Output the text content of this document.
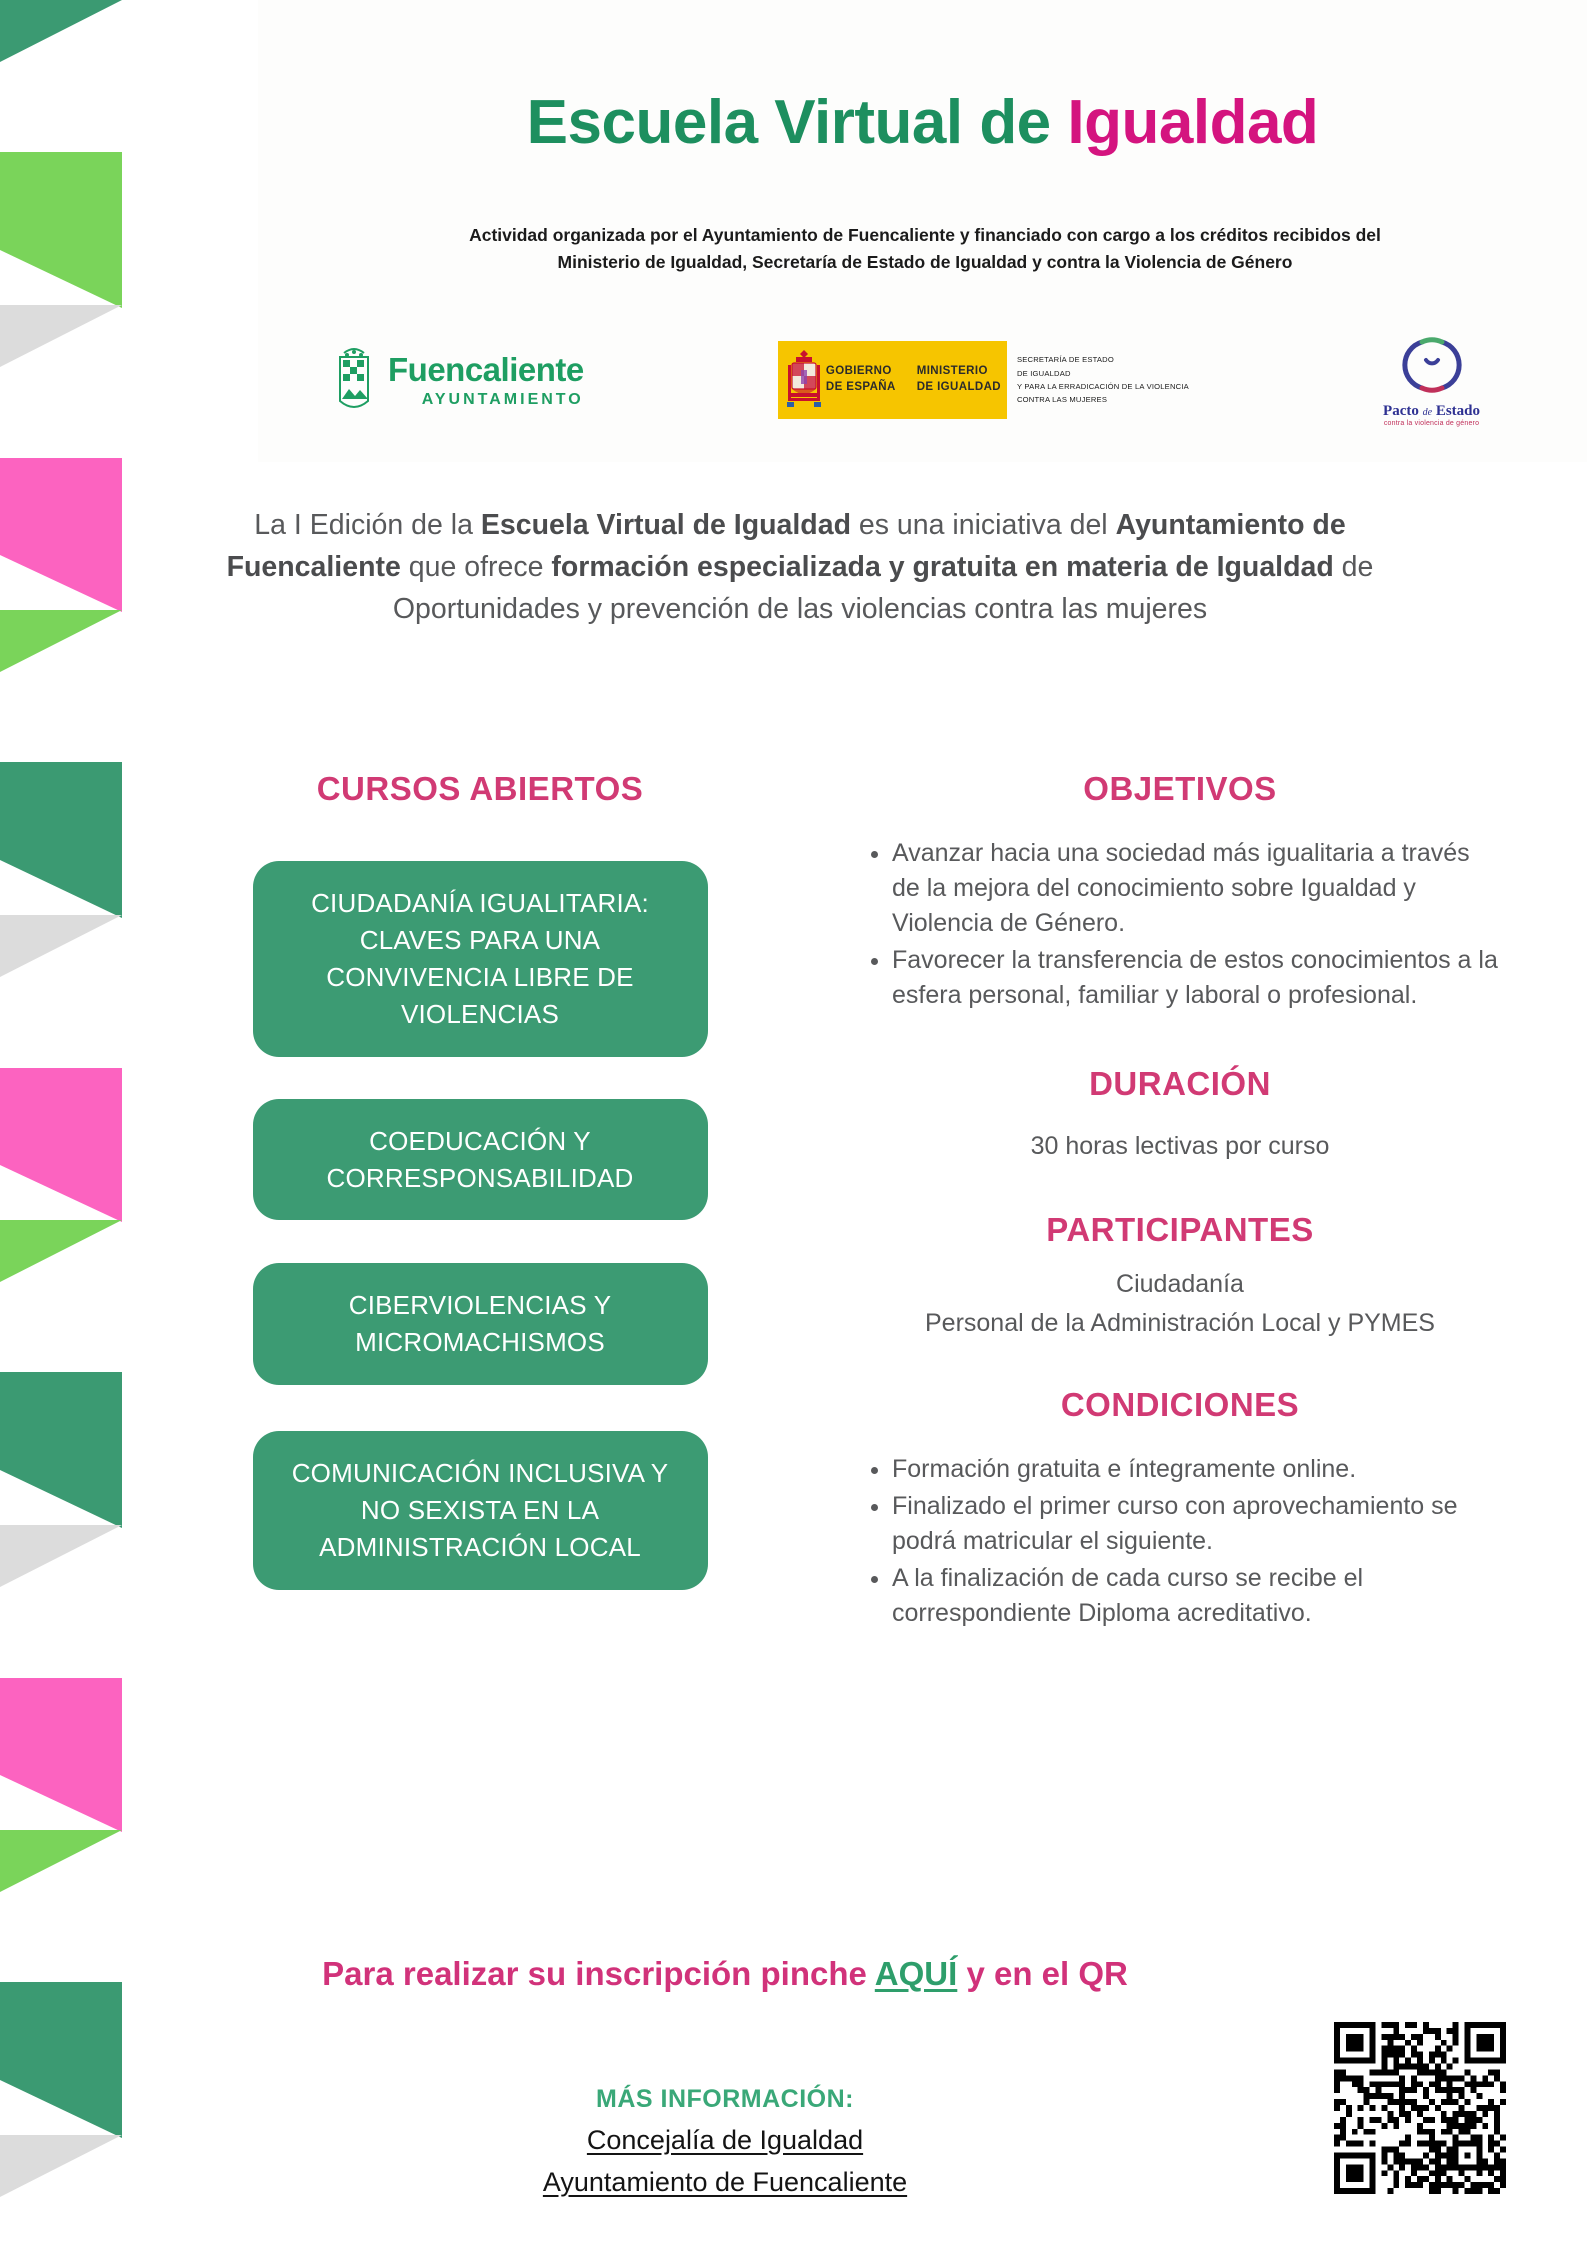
Escuela Virtual de Igualdad
Actividad organizada por el Ayuntamiento de Fuencaliente y financiado con cargo a los créditos recibidos del
Ministerio de Igualdad, Secretaría de Estado de Igualdad y contra la Violencia de Género
Fuencaliente
AYUNTAMIENTO
GOBIERNO
DE ESPAÑA
MINISTERIO
DE IGUALDAD
SECRETARÍA DE ESTADO
DE IGUALDAD
Y PARA LA ERRADICACIÓN DE LA VIOLENCIA
CONTRA LAS MUJERES
Pacto de Estado
contra la violencia de género
La I Edición de la Escuela Virtual de Igualdad es una iniciativa del Ayuntamiento de Fuencaliente que ofrece formación especializada y gratuita en materia de Igualdad de Oportunidades y prevención de las violencias contra las mujeres
CURSOS ABIERTOS
CIUDADANÍA IGUALITARIA: CLAVES PARA UNA CONVIVENCIA LIBRE DE VIOLENCIAS
COEDUCACIÓN Y CORRESPONSABILIDAD
CIBERVIOLENCIAS Y MICROMACHISMOS
COMUNICACIÓN INCLUSIVA Y NO SEXISTA EN LA ADMINISTRACIÓN LOCAL
OBJETIVOS
• Avanzar hacia una sociedad más igualitaria a través de la mejora del conocimiento sobre Igualdad y Violencia de Género.
• Favorecer la transferencia de estos conocimientos a la esfera personal, familiar y laboral o profesional.
DURACIÓN
30 horas lectivas por curso
PARTICIPANTES
Ciudadanía
Personal de la Administración Local y PYMES
CONDICIONES
• Formación gratuita e íntegramente online.
• Finalizado el primer curso con aprovechamiento se podrá matricular el siguiente.
• A la finalización de cada curso se recibe el correspondiente Diploma acreditativo.
Para realizar su inscripción pinche AQUÍ y en el QR
MÁS INFORMACIÓN:
Concejalía de Igualdad
Ayuntamiento de Fuencaliente
